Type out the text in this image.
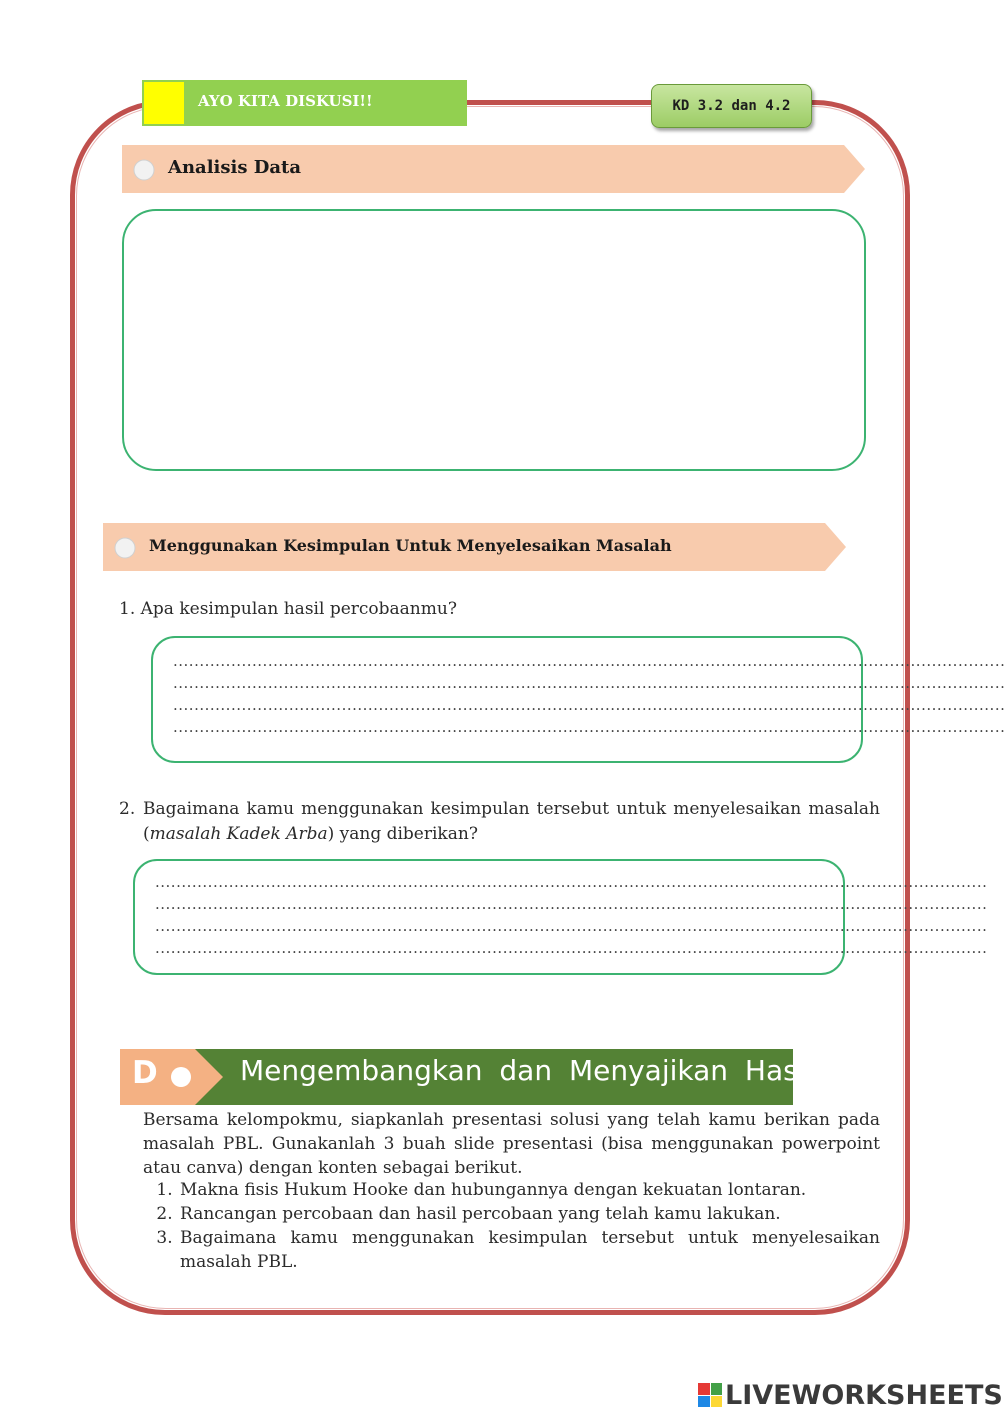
AYO KITA DISKUSI!!	KD 3.2 dan 4.2
Analisis Data
Menggunakan Kesimpulan Untuk Menyelesaikan Masalah
1. Apa kesimpulan hasil percobaanmu?
..............................................................................................................................................................
..............................................................................................................................................................
..............................................................................................................................................................
..............................................................................................................................................................
2. Bagaimana kamu menggunakan kesimpulan tersebut untuk menyelesaikan masalah (masalah Kadek Arba) yang diberikan?
..............................................................................................................................................................
..............................................................................................................................................................
..............................................................................................................................................................
..............................................................................................................................................................
D	Mengembangkan dan Menyajikan Hasil
Bersama kelompokmu, siapkanlah presentasi solusi yang telah kamu berikan pada masalah PBL. Gunakanlah 3 buah slide presentasi (bisa menggunakan powerpoint atau canva) dengan konten sebagai berikut.
1. Makna fisis Hukum Hooke dan hubungannya dengan kekuatan lontaran.
2. Rancangan percobaan dan hasil percobaan yang telah kamu lakukan.
3. Bagaimana kamu menggunakan kesimpulan tersebut untuk menyelesaikan masalah PBL.
LIVEWORKSHEETS
